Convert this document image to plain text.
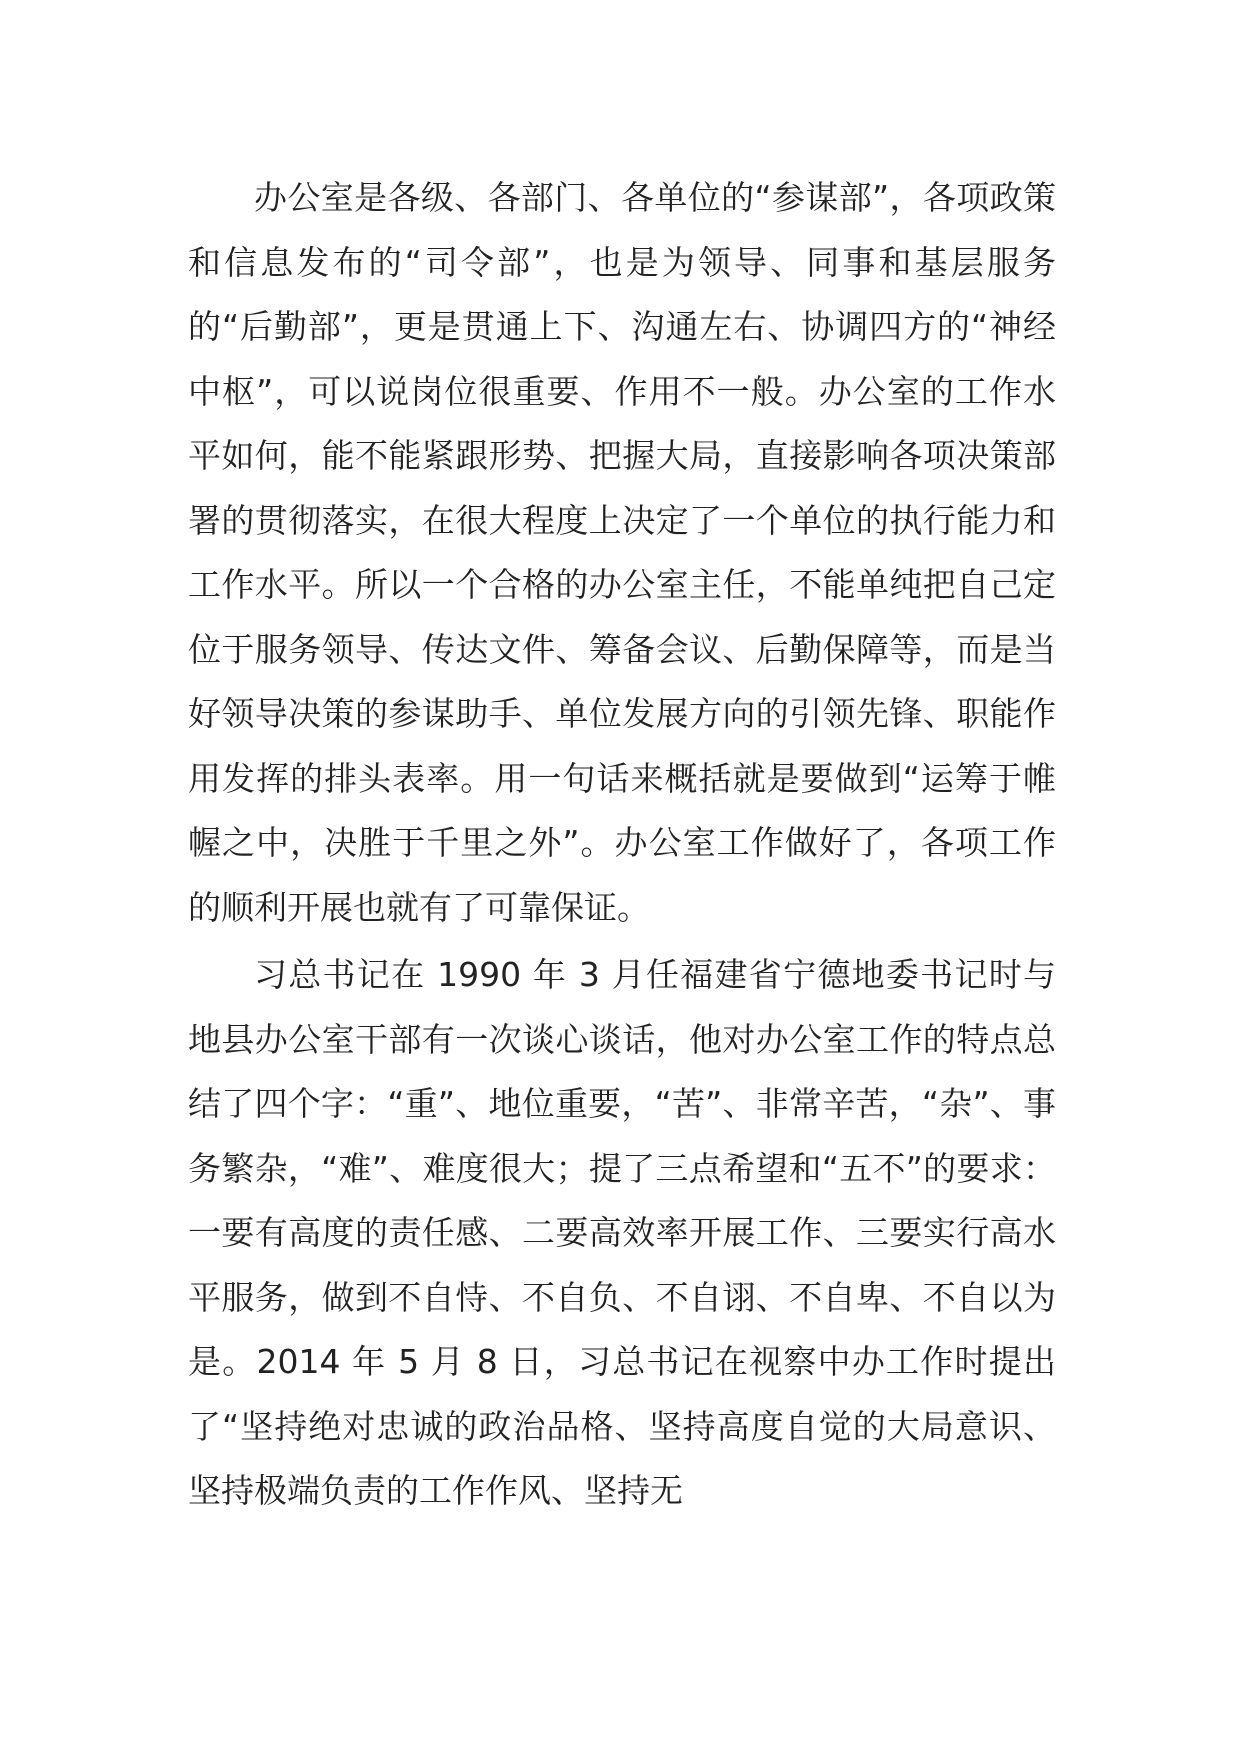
办公室是各级、各部门、各单位的“参谋部”，各项政策和信息发布的“司令部”，也是为领导、同事和基层服务的“后勤部”，更是贯通上下、沟通左右、协调四方的“神经中枢”，可以说岗位很重要、作用不一般。办公室的工作水平如何，能不能紧跟形势、把握大局，直接影响各项决策部署的贯彻落实，在很大程度上决定了一个单位的执行能力和工作水平。所以一个合格的办公室主任，不能单纯把自己定位于服务领导、传达文件、筹备会议、后勤保障等，而是当好领导决策的参谋助手、单位发展方向的引领先锋、职能作用发挥的排头表率。用一句话来概括就是要做到“运筹于帷幄之中，决胜于千里之外”。办公室工作做好了，各项工作的顺利开展也就有了可靠保证。

习总书记在 1990 年 3 月任福建省宁德地委书记时与地县办公室干部有一次谈心谈话，他对办公室工作的特点总结了四个字：“重”、地位重要，“苦”、非常辛苦，“杂”、事务繁杂，“难”、难度很大；提了三点希望和“五不”的要求：一要有高度的责任感、二要高效率开展工作、三要实行高水平服务，做到不自恃、不自负、不自诩、不自卑、不自以为是。2014 年 5 月 8 日，习总书记在视察中办工作时提出了“坚持绝对忠诚的政治品格、坚持高度自觉的大局意识、坚持极端负责的工作作风、坚持无
